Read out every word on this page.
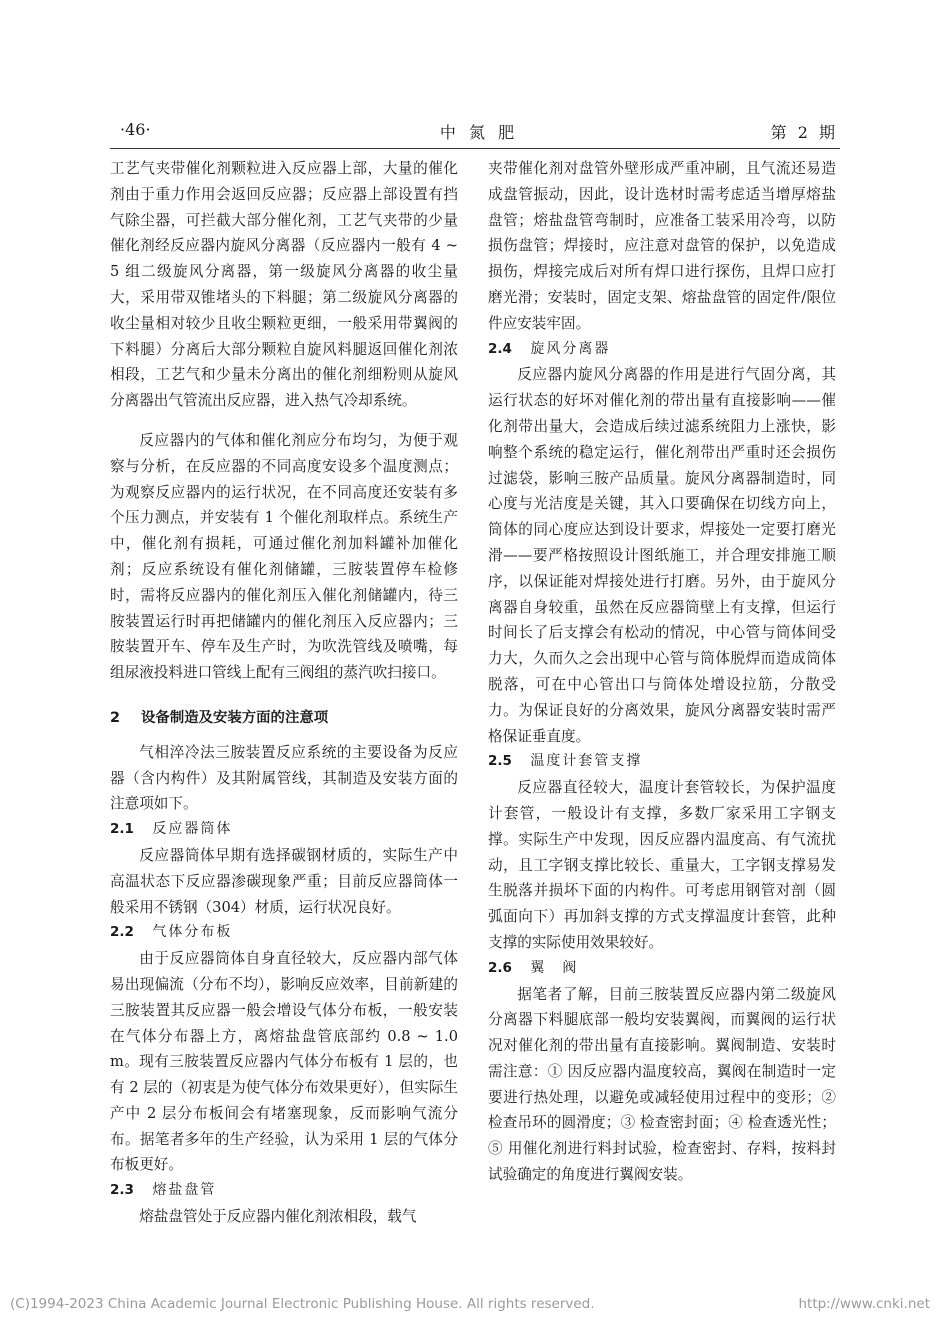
·46·	中 氮 肥	第 2 期

工艺气夹带催化剂颗粒进入反应器上部，大量的催化剂由于重力作用会返回反应器；反应器上部设置有挡气除尘器，可拦截大部分催化剂，工艺气夹带的少量催化剂经反应器内旋风分离器（反应器内一般有 4 ~ 5 组二级旋风分离器，第一级旋风分离器的收尘量大，采用带双锥堵头的下料腿；第二级旋风分离器的收尘量相对较少且收尘颗粒更细，一般采用带翼阀的下料腿）分离后大部分颗粒自旋风料腿返回催化剂浓相段，工艺气和少量未分离出的催化剂细粉则从旋风分离器出气管流出反应器，进入热气冷却系统。

反应器内的气体和催化剂应分布均匀，为便于观察与分析，在反应器的不同高度安设多个温度测点；为观察反应器内的运行状况，在不同高度还安装有多个压力测点，并安装有 1 个催化剂取样点。系统生产中，催化剂有损耗，可通过催化剂加料罐补加催化剂；反应系统设有催化剂储罐，三胺装置停车检修时，需将反应器内的催化剂压入催化剂储罐内，待三胺装置运行时再把储罐内的催化剂压入反应器内；三胺装置开车、停车及生产时，为吹洗管线及喷嘴，每组尿液投料进口管线上配有三阀组的蒸汽吹扫接口。

2 设备制造及安装方面的注意项

气相淬冷法三胺装置反应系统的主要设备为反应器（含内构件）及其附属管线，其制造及安装方面的注意项如下。

2.1 反应器筒体

反应器筒体早期有选择碳钢材质的，实际生产中高温状态下反应器渗碳现象严重；目前反应器筒体一般采用不锈钢（304）材质，运行状况良好。

2.2 气体分布板

由于反应器筒体自身直径较大，反应器内部气体易出现偏流（分布不均），影响反应效率，目前新建的三胺装置其反应器一般会增设气体分布板，一般安装在气体分布器上方，离熔盐盘管底部约 0.8 ~ 1.0 m。现有三胺装置反应器内气体分布板有 1 层的，也有 2 层的（初衷是为使气体分布效果更好），但实际生产中 2 层分布板间会有堵塞现象，反而影响气流分布。据笔者多年的生产经验，认为采用 1 层的气体分布板更好。

2.3 熔盐盘管

熔盐盘管处于反应器内催化剂浓相段，载气

夹带催化剂对盘管外壁形成严重冲刷，且气流还易造成盘管振动，因此，设计选材时需考虑适当增厚熔盐盘管；熔盐盘管弯制时，应准备工装采用冷弯，以防损伤盘管；焊接时，应注意对盘管的保护，以免造成损伤，焊接完成后对所有焊口进行探伤，且焊口应打磨光滑；安装时，固定支架、熔盐盘管的固定件/限位件应安装牢固。

2.4 旋风分离器

反应器内旋风分离器的作用是进行气固分离，其运行状态的好坏对催化剂的带出量有直接影响——催化剂带出量大，会造成后续过滤系统阻力上涨快，影响整个系统的稳定运行，催化剂带出严重时还会损伤过滤袋，影响三胺产品质量。旋风分离器制造时，同心度与光洁度是关键，其入口要确保在切线方向上，筒体的同心度应达到设计要求，焊接处一定要打磨光滑——要严格按照设计图纸施工，并合理安排施工顺序，以保证能对焊接处进行打磨。另外，由于旋风分离器自身较重，虽然在反应器筒壁上有支撑，但运行时间长了后支撑会有松动的情况，中心管与筒体间受力大，久而久之会出现中心管与筒体脱焊而造成筒体脱落，可在中心管出口与筒体处增设拉筋，分散受力。为保证良好的分离效果，旋风分离器安装时需严格保证垂直度。

2.5 温度计套管支撑

反应器直径较大，温度计套管较长，为保护温度计套管，一般设计有支撑，多数厂家采用工字钢支撑。实际生产中发现，因反应器内温度高、有气流扰动，且工字钢支撑比较长、重量大，工字钢支撑易发生脱落并损坏下面的内构件。可考虑用钢管对剖（圆弧面向下）再加斜支撑的方式支撑温度计套管，此种支撑的实际使用效果较好。

2.6 翼　阀

据笔者了解，目前三胺装置反应器内第二级旋风分离器下料腿底部一般均安装翼阀，而翼阀的运行状况对催化剂的带出量有直接影响。翼阀制造、安装时需注意：① 因反应器内温度较高，翼阀在制造时一定要进行热处理，以避免或减轻使用过程中的变形；② 检查吊环的圆滑度；③ 检查密封面；④ 检查透光性；⑤ 用催化剂进行料封试验，检查密封、存料，按料封试验确定的角度进行翼阀安装。

(C)1994-2023 China Academic Journal Electronic Publishing House. All rights reserved.	http://www.cnki.net
